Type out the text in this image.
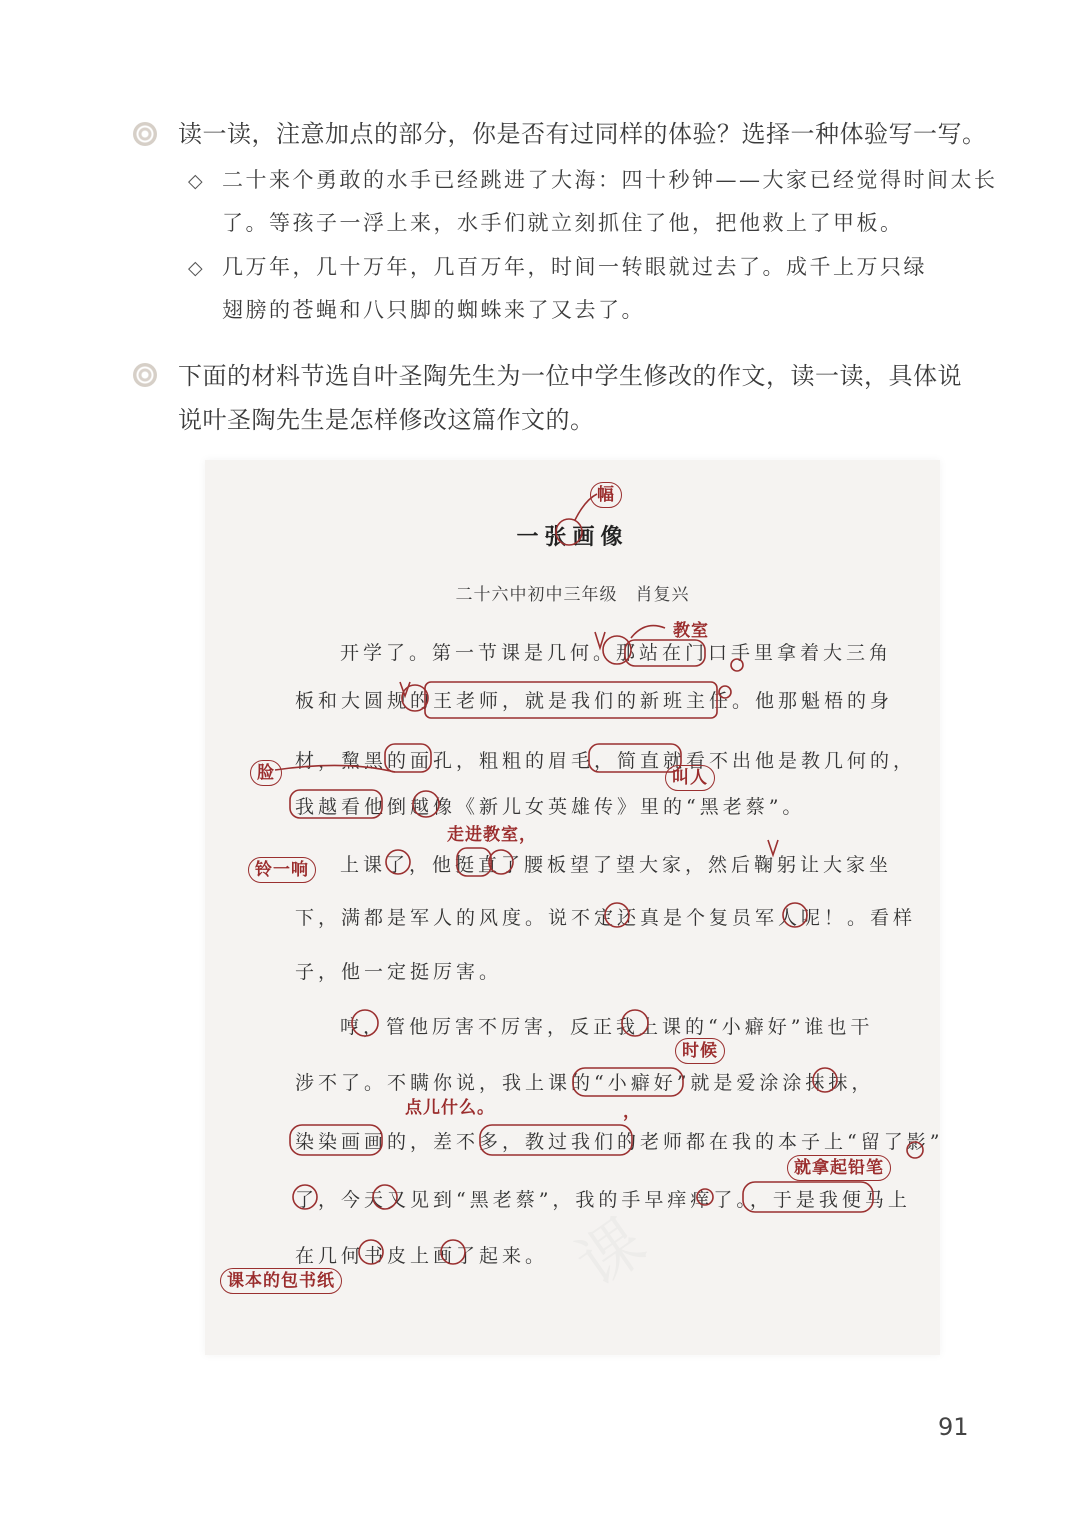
读一读，注意加点的部分，你是否有过同样的体验？选择一种体验写一写。
◇ 二十来个勇敢的水手已经跳进了大海：四十秒钟——大家已经觉得时间太长
了。等孩子一浮上来，水手们就立刻抓住了他，把他救上了甲板。
◇ 几万年，几十万年，几百万年，时间一转眼就过去了。成千上万只绿
翅膀的苍蝇和八只脚的蜘蛛来了又去了。
下面的材料节选自叶圣陶先生为一位中学生修改的作文，读一读，具体说
说叶圣陶先生是怎样修改这篇作文的。
课
一张画像
二十六中初中三年级　肖复兴
开学了。第一节课是几何。那站在门口手里拿着大三角
板和大圆规的王老师，就是我们的新班主任。他那魁梧的身
材，黧黑的面孔，粗粗的眉毛，简直就看不出他是教几何的，
我越看他倒越像《新儿女英雄传》里的“黑老蔡”。
上课了，他挺直了腰板望了望大家，然后鞠躬让大家坐
下，满都是军人的风度。说不定还真是个复员军人呢！。看样
子，他一定挺厉害。
哼，管他厉害不厉害，反正我上课的“小癖好”谁也干
涉不了。不瞒你说，我上课的“小癖好”就是爱涂涂抹抹，
染染画画的，差不多，教过我们的老师都在我的本子上“留了影”
了，今天又见到“黑老蔡”，我的手早痒痒了。，于是我便马上
在几何书皮上画了起来。
幅
教室
脸	叫人
走进教室，
铃一响
时候
点儿什么。	，
就拿起铅笔
课本的包书纸
91
